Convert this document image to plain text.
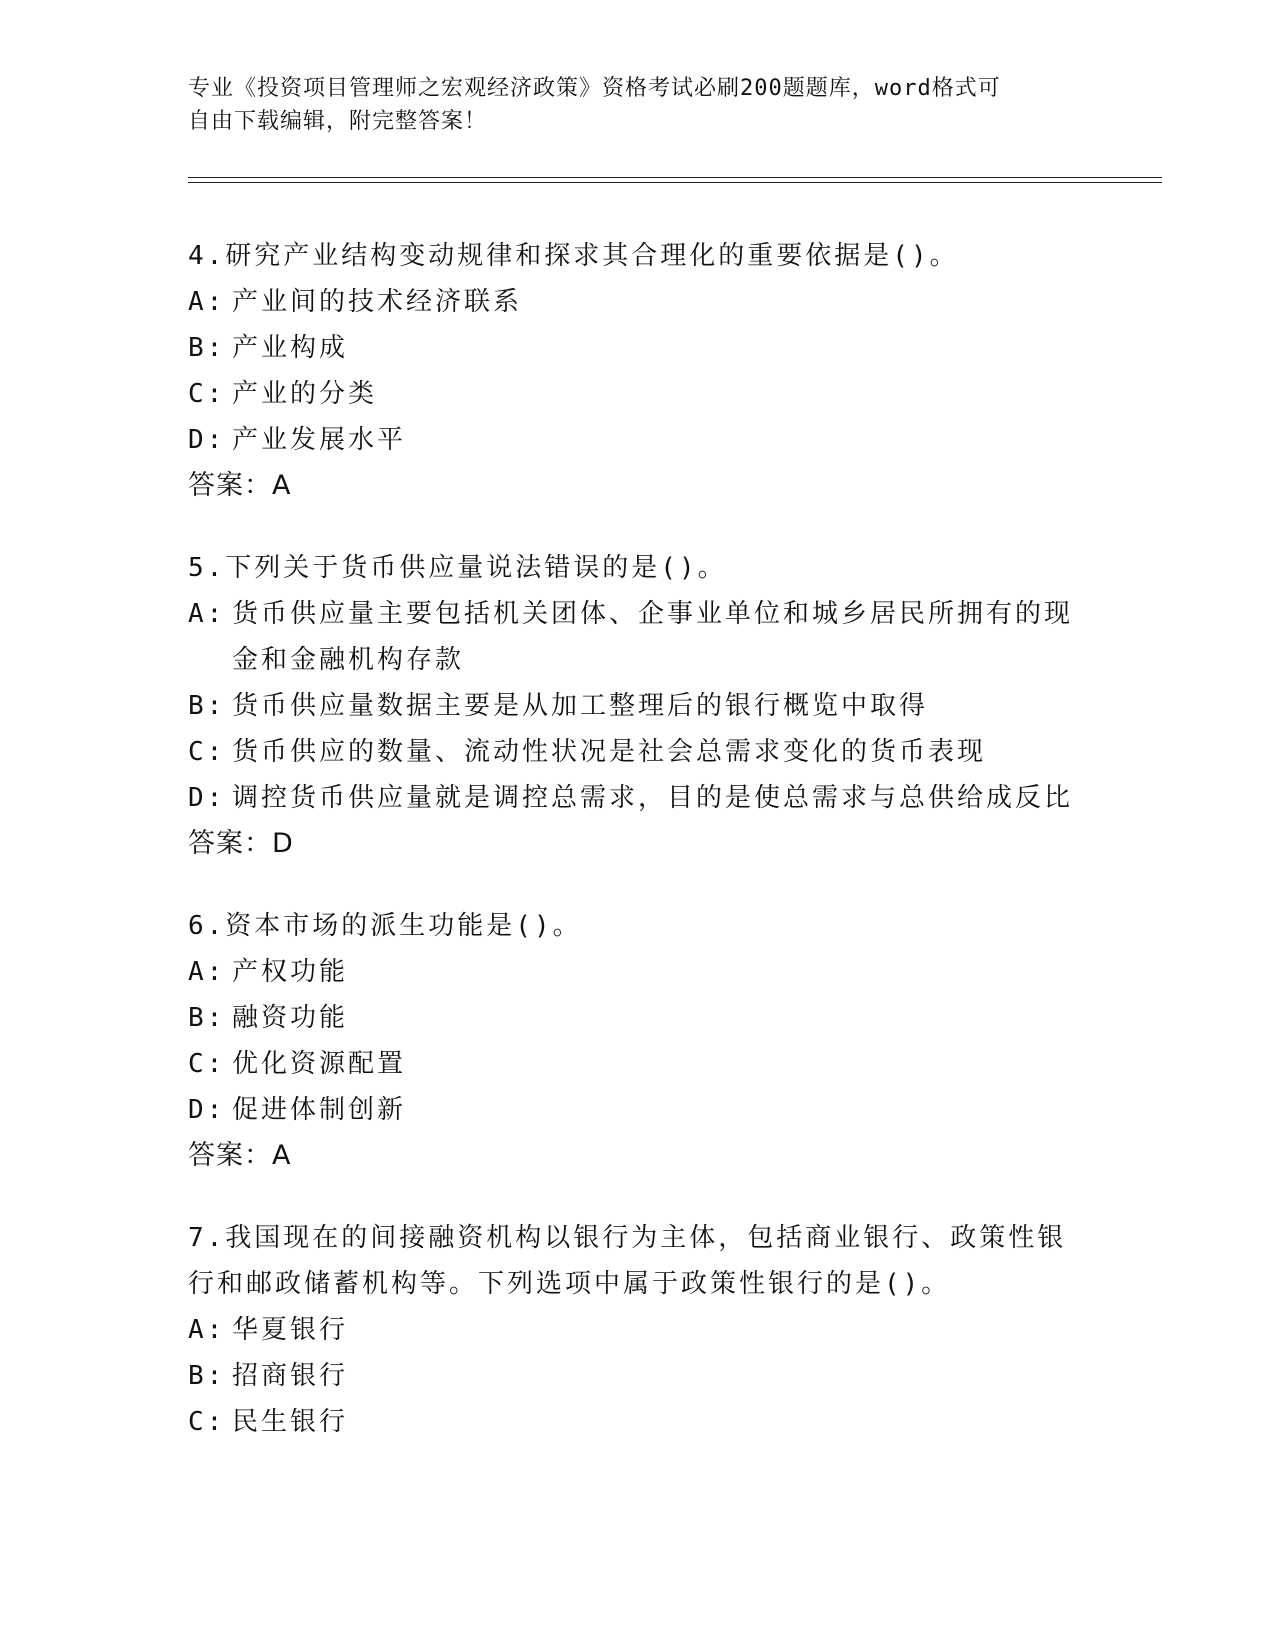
专业《投资项目管理师之宏观经济政策》资格考试必刷200题题库，word格式可
自由下载编辑，附完整答案！

4.研究产业结构变动规律和探求其合理化的重要依据是()。

A: 产业间的技术经济联系

B: 产业构成

C: 产业的分类

D: 产业发展水平

答案：A

5.下列关于货币供应量说法错误的是()。

A: 货币供应量主要包括机关团体、企事业单位和城乡居民所拥有的现金和金融机构存款

B: 货币供应量数据主要是从加工整理后的银行概览中取得

C: 货币供应的数量、流动性状况是社会总需求变化的货币表现

D: 调控货币供应量就是调控总需求，目的是使总需求与总供给成反比

答案：D

6.资本市场的派生功能是()。

A: 产权功能

B: 融资功能

C: 优化资源配置

D: 促进体制创新

答案：A

7.我国现在的间接融资机构以银行为主体，包括商业银行、政策性银行和邮政储蓄机构等。下列选项中属于政策性银行的是()。

A: 华夏银行

B: 招商银行

C: 民生银行
